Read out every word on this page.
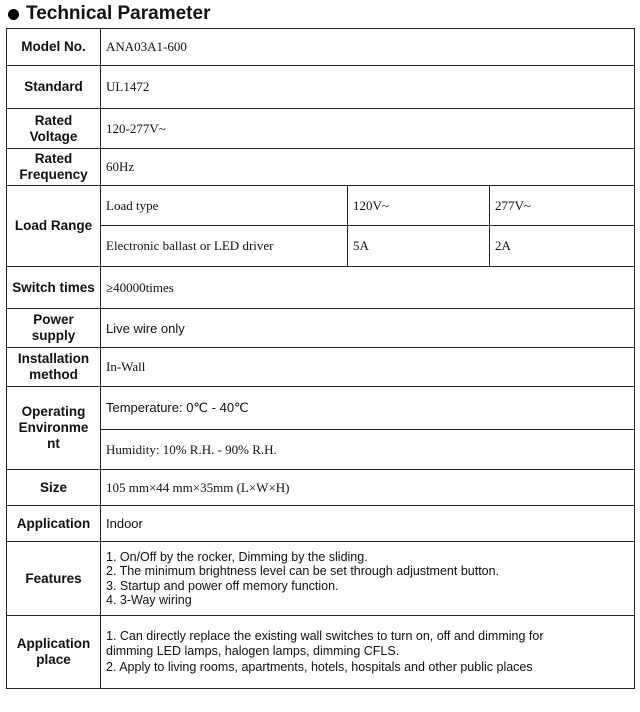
Technical Parameter
Model No.	ANA03A1-600		
Standard	UL1472		
Rated Voltage	120-277V~		
Rated Frequency	60Hz		
Load Range	Load type	120V~	277V~
	Electronic ballast or LED driver	5A	2A
Switch times	≥40000times		
Power supply	Live wire only		
Installation method	In-Wall		
Operating Environme nt	Temperature: 0℃ - 40℃		
	Humidity: 10% R.H. - 90% R.H.		
Size	105 mm×44 mm×35mm (L×W×H)		
Application	Indoor		
Features	1. On/Off by the rocker, Dimming by the sliding.
2. The minimum brightness level can be set through adjustment button.
3. Startup and power off memory function.
4. 3-Way wiring		

Application place	1. Can directly replace the existing wall switches to turn on, off and dimming for
dimming LED lamps, halogen lamps, dimming CFLS.
2. Apply to living rooms, apartments, hotels, hospitals and other public places		
